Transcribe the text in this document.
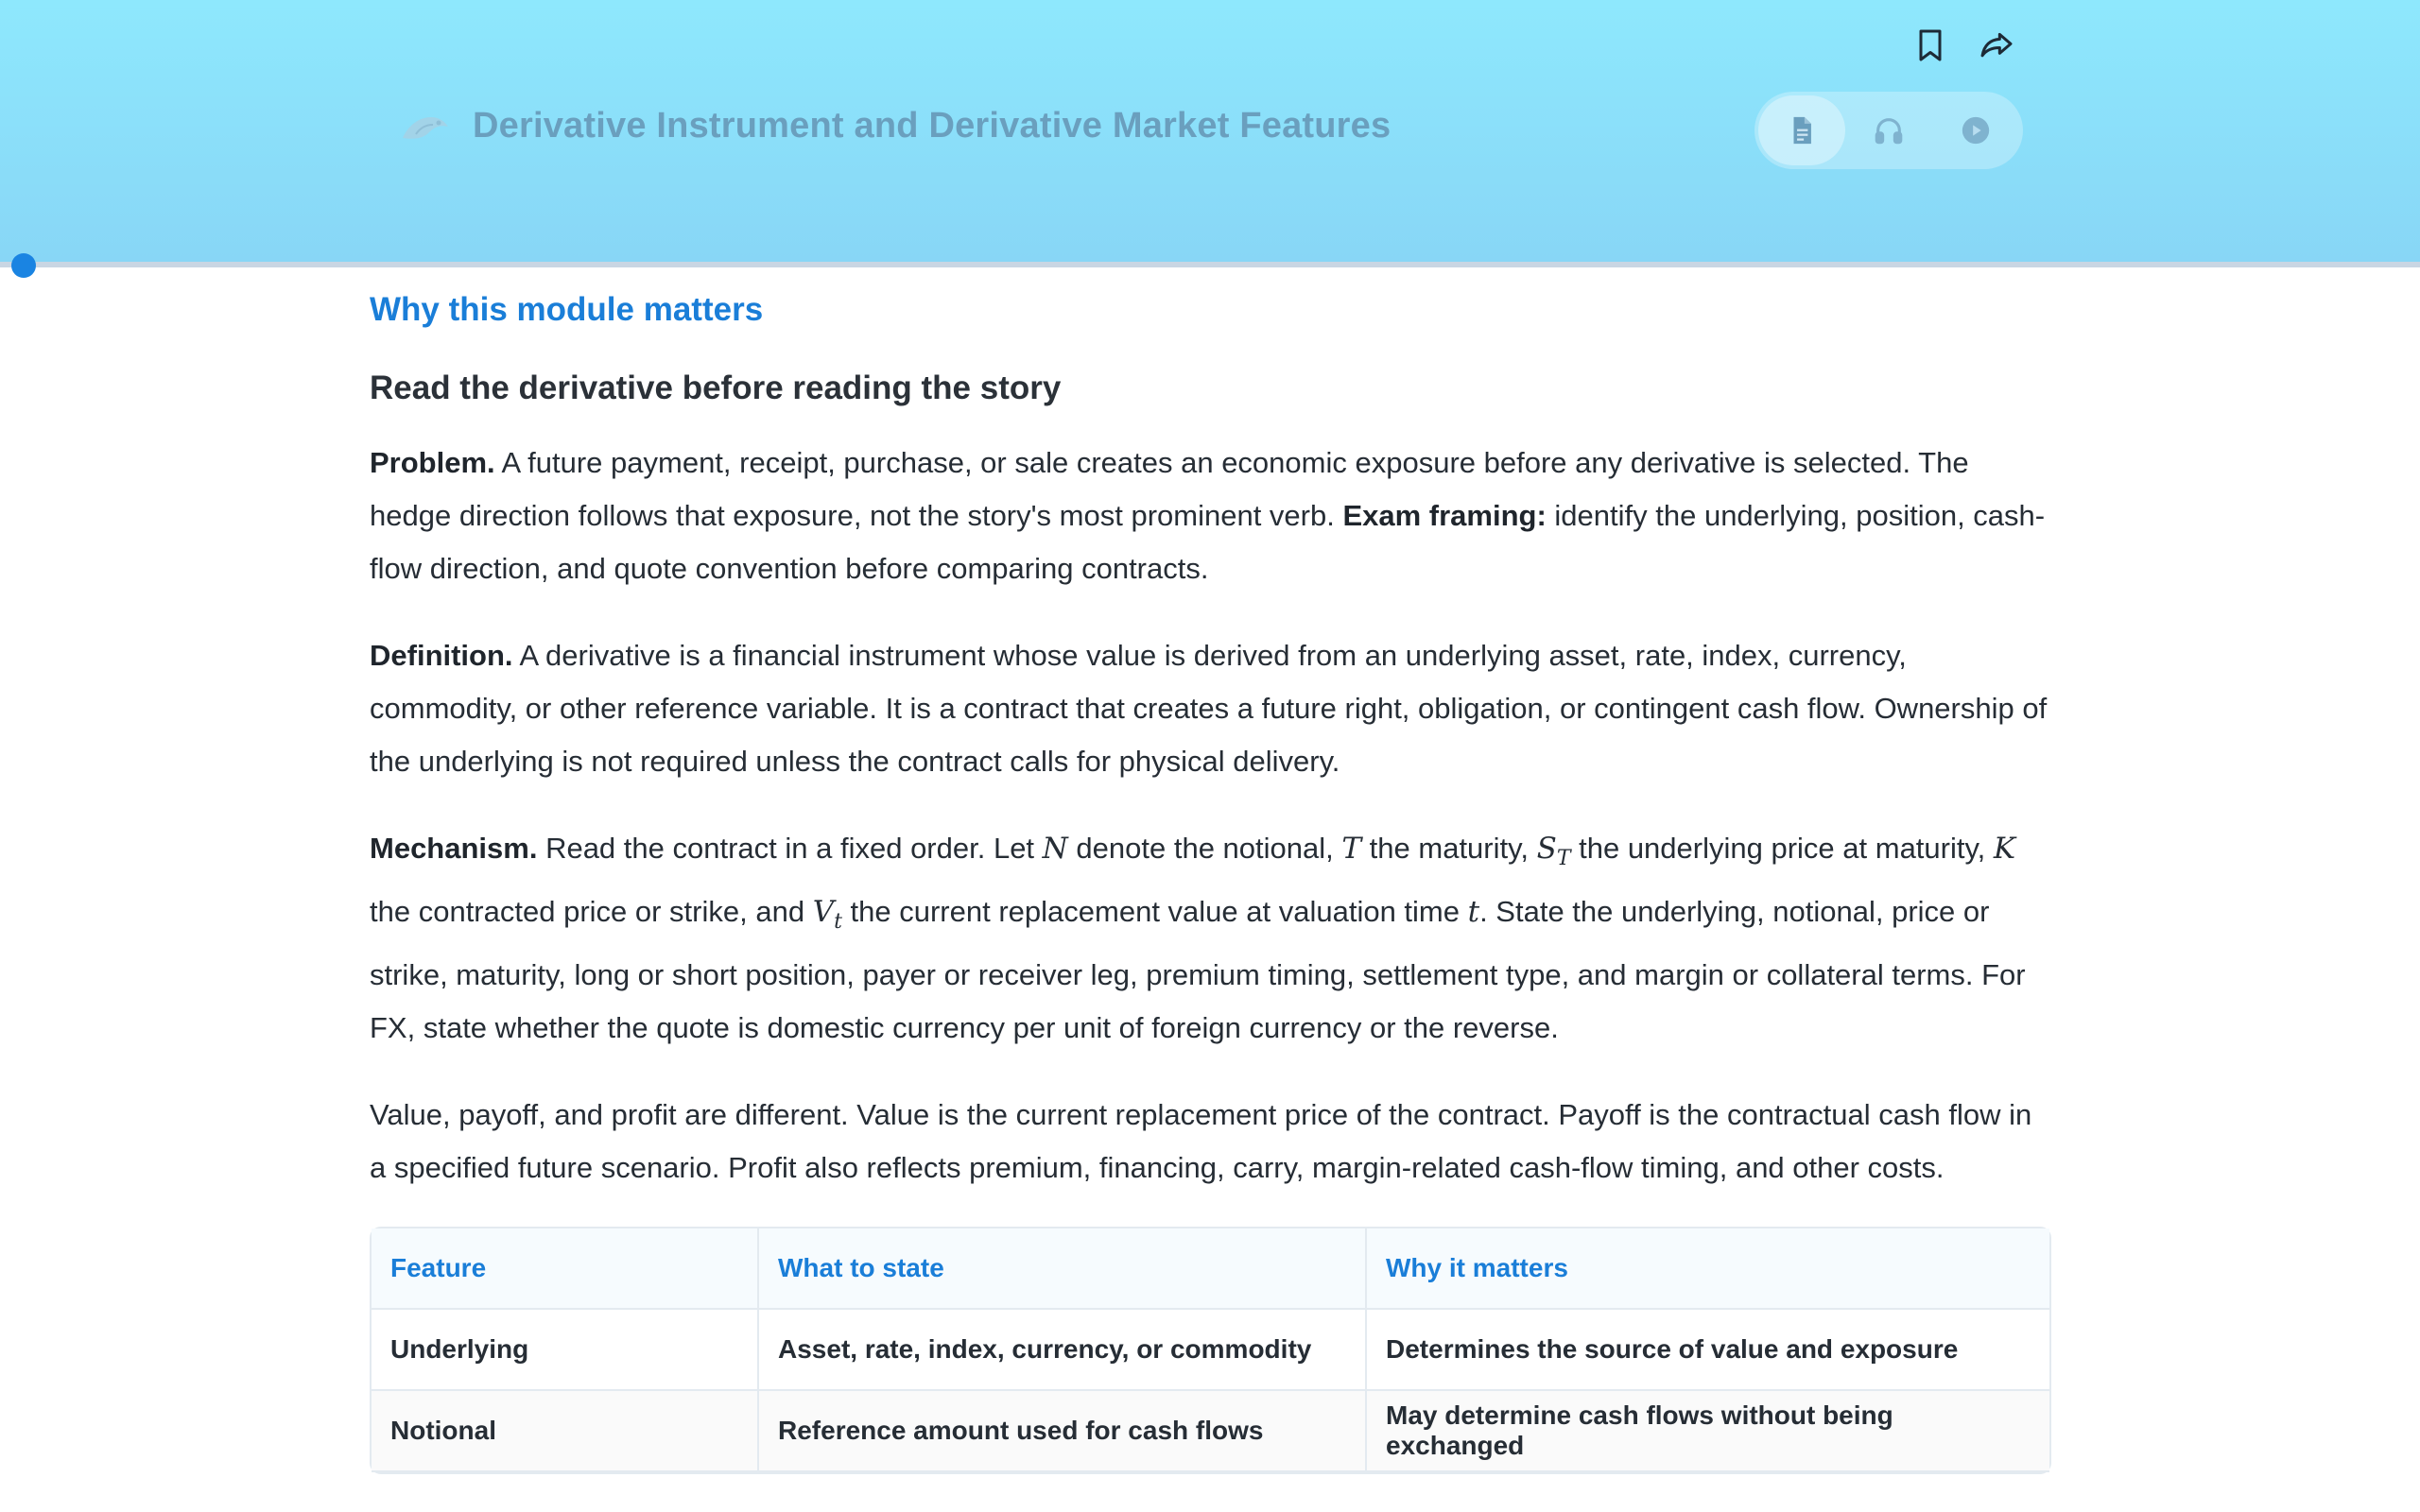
Derivative Instrument and Derivative Market Features
Why this module matters
Read the derivative before reading the story

Problem. A future payment, receipt, purchase, or sale creates an economic exposure before any derivative is selected. The hedge direction follows that exposure, not the story's most prominent verb. Exam framing: identify the underlying, position, cash-flow direction, and quote convention before comparing contracts.

Definition. A derivative is a financial instrument whose value is derived from an underlying asset, rate, index, currency, commodity, or other reference variable. It is a contract that creates a future right, obligation, or contingent cash flow. Ownership of the underlying is not required unless the contract calls for physical delivery.

Mechanism. Read the contract in a fixed order. Let N denote the notional, T the maturity, $S_T$ the underlying price at maturity, K the contracted price or strike, and $V_t$ the current replacement value at valuation time t. State the underlying, notional, price or strike, maturity, long or short position, payer or receiver leg, premium timing, settlement type, and margin or collateral terms. For FX, state whether the quote is domestic currency per unit of foreign currency or the reverse.

Value, payoff, and profit are different. Value is the current replacement price of the contract. Payoff is the contractual cash flow in a specified future scenario. Profit also reflects premium, financing, carry, margin-related cash-flow timing, and other costs.

Feature	What to state	Why it matters
Underlying	Asset, rate, index, currency, or commodity	Determines the source of value and exposure
Notional	Reference amount used for cash flows	May determine cash flows without being exchanged
